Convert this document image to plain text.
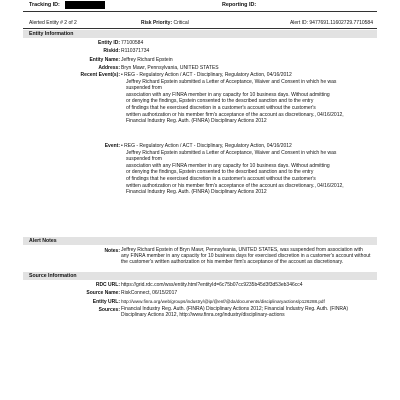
Tracking ID:	Reporting ID:
Alerted Entity # 2 of 2	Risk Priority: Critical	Alert ID: 9477691.11602729.7710584
Entity Information
Entity ID: 77100584
Riskid: R110371734
Entity Name: Jeffrey Richard Epstein
Address: Bryn Mawr, Pennsylvania, UNITED STATES
Recent Event(s): • REG - Regulatory Action / ACT - Disciplinary, Regulatory Action, 04/16/2012
Jeffrey Richard Epstein submitted a Letter of Acceptance, Waiver and Consent in which he was
suspended from
association with any FINRA member in any capacity for 10 business days. Without admitting
or denying the findings, Epstein consented to the described sanction and to the entry
of findings that he exercised discretion in a customer's account without the customer's
written authorization or his member firm's acceptance of the account as discretionary., 04/16/2012,
Financial Industry Reg. Auth. (FINRA) Disciplinary Actions 2012
Event: • REG - Regulatory Action / ACT - Disciplinary, Regulatory Action, 04/16/2012
Jeffrey Richard Epstein submitted a Letter of Acceptance, Waiver and Consent in which he was
suspended from
association with any FINRA member in any capacity for 10 business days. Without admitting
or denying the findings, Epstein consented to the described sanction and to the entry
of findings that he exercised discretion in a customer's account without the customer's
written authorization or his member firm's acceptance of the account as discretionary., 04/16/2012,
Financial Industry Reg. Auth. (FINRA) Disciplinary Actions 2012
Alert Notes
Notes: Jeffrey Richard Epstein of Bryn Mawr, Pennsylvania, UNITED STATES, was suspended from association with any FINRA member in any capacity for 10 business days for exercised discretion in a customer's account without the customer's written authorization or his member firm's acceptance of the account as discretionary.
Source Information
RDC URL: https://grid.rdc.com/wss/entity.html?entityId=6c75b07cc9235b45d3f3d53eb346cc4
Source Name: RiskConnect, 06/15/2017
Entity URL: http://www.finra.org/web/groups/industry/@ip/@enf/@da/documents/disciplinaryactions/p126288.pdf
Sources: Financial Industry Reg. Auth. (FINRA) Disciplinary Actions 2012; Financial Industry Reg. Auth. (FINRA) Disciplinary Actions 2012, http://www.finra.org/industry/disciplinary-actions
